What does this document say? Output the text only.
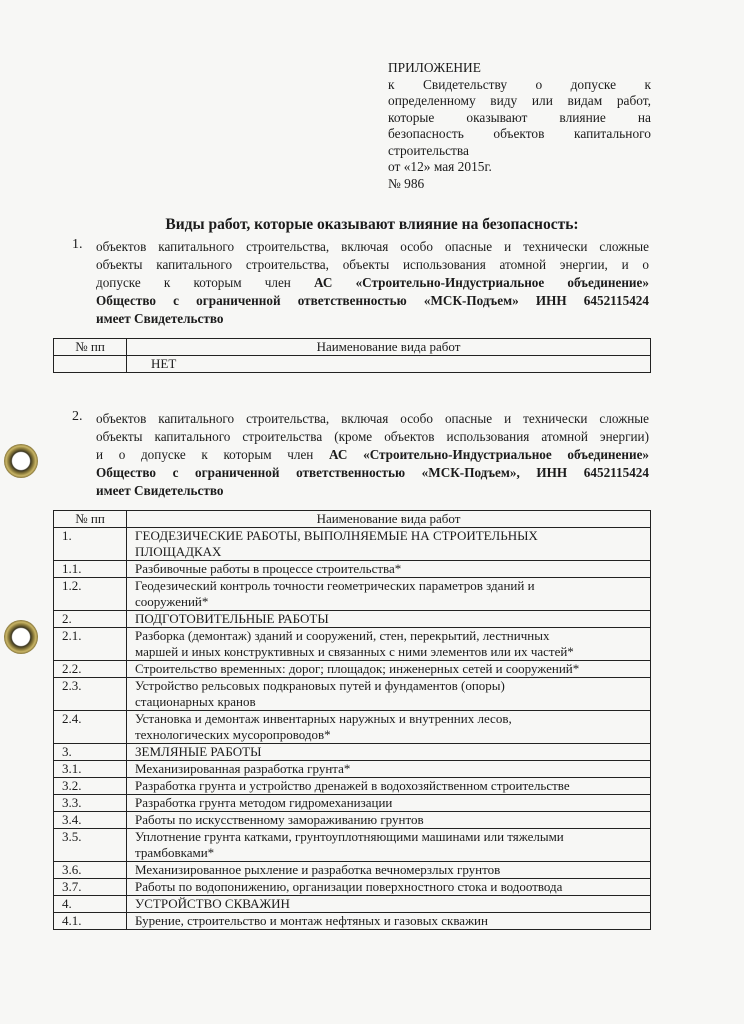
ПРИЛОЖЕНИЕ
к Свидетельству о допуске к
определенному виду или видам работ,
которые оказывают влияние на
безопасность объектов капитального
строительства
от «12» мая 2015г.
№ 986
Виды работ, которые оказывают влияние на безопасность:
1. объектов капитального строительства, включая особо опасные и технически сложные
объекты капитального строительства, объекты использования атомной энергии, и о
допуске к которым член АС «Строительно-Индустриальное объединение»
Общество с ограниченной ответственностью «МСК-Подъем» ИНН 6452115424
имеет Свидетельство
№ пп	Наименование вида работ
	НЕТ
2. объектов капитального строительства, включая особо опасные и технически сложные
объекты капитального строительства (кроме объектов использования атомной энергии)
и о допуске к которым член АС «Строительно-Индустриальное объединение»
Общество с ограниченной ответственностью «МСК-Подъем», ИНН 6452115424
имеет Свидетельство
№ пп	Наименование вида работ
1.	ГЕОДЕЗИЧЕСКИЕ РАБОТЫ, ВЫПОЛНЯЕМЫЕ НА СТРОИТЕЛЬНЫХ
ПЛОЩАДКАХ

1.1.	Разбивочные работы в процессе строительства*

1.2.	Геодезический контроль точности геометрических параметров зданий и
сооружений*

2.	ПОДГОТОВИТЕЛЬНЫЕ РАБОТЫ

2.1.	Разборка (демонтаж) зданий и сооружений, стен, перекрытий, лестничных
маршей и иных конструктивных и связанных с ними элементов или их частей*

2.2.	Строительство временных: дорог; площадок; инженерных сетей и сооружений*

2.3.	Устройство рельсовых подкрановых путей и фундаментов (опоры)
стационарных кранов

2.4.	Установка и демонтаж инвентарных наружных и внутренних лесов,
технологических мусоропроводов*

3.	ЗЕМЛЯНЫЕ РАБОТЫ

3.1.	Механизированная разработка грунта*

3.2.	Разработка грунта и устройство дренажей в водохозяйственном строительстве

3.3.	Разработка грунта методом гидромеханизации

3.4.	Работы по искусственному замораживанию грунтов

3.5.	Уплотнение грунта катками, грунтоуплотняющими машинами или тяжелыми
трамбовками*

3.6.	Механизированное рыхление и разработка вечномерзлых грунтов

3.7.	Работы по водопонижению, организации поверхностного стока и водоотвода

4.	УСТРОЙСТВО СКВАЖИН

4.1.	Бурение, строительство и монтаж нефтяных и газовых скважин
